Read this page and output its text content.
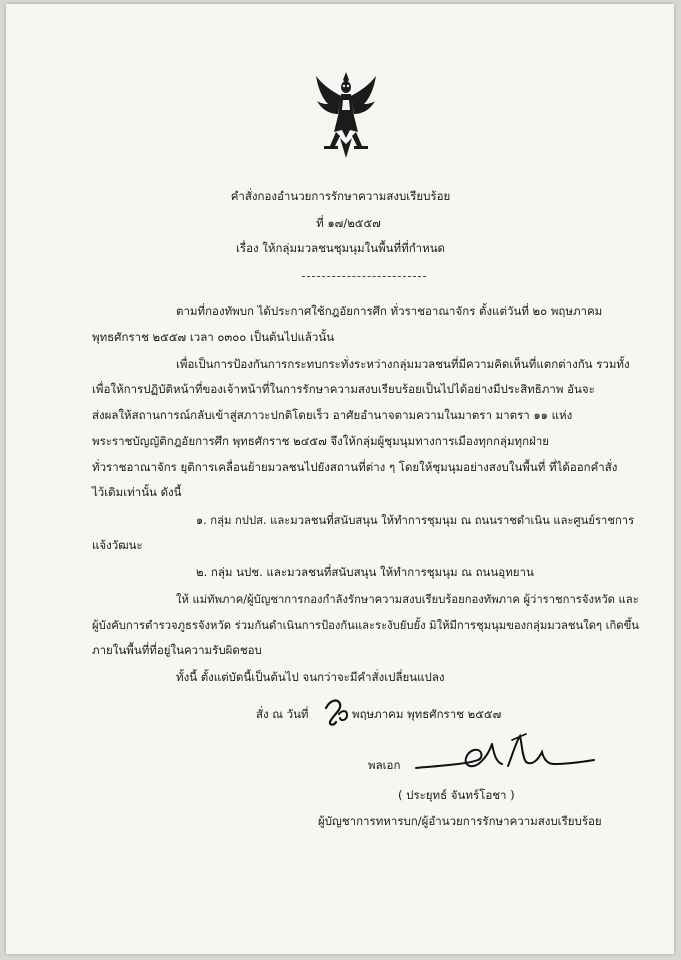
คำสั่งกองอำนวยการรักษาความสงบเรียบร้อย
ที่ ๑๗/๒๕๕๗
เรื่อง ให้กลุ่มมวลชนชุมนุมในพื้นที่ที่กำหนด
ตามที่กองทัพบก ได้ประกาศใช้กฎอัยการศึก ทั่วราชอาณาจักร ตั้งแต่วันที่ ๒๐ พฤษภาคม
พุทธศักราช ๒๕๕๗ เวลา ๐๓๐๐ เป็นต้นไปแล้วนั้น
เพื่อเป็นการป้องกันการกระทบกระทั่งระหว่างกลุ่มมวลชนที่มีความคิดเห็นที่แตกต่างกัน รวมทั้ง
เพื่อให้การปฏิบัติหน้าที่ของเจ้าหน้าที่ในการรักษาความสงบเรียบร้อยเป็นไปได้อย่างมีประสิทธิภาพ อันจะ
ส่งผลให้สถานการณ์กลับเข้าสู่สภาวะปกติโดยเร็ว อาศัยอำนาจตามความในมาตรา มาตรา ๑๑ แห่ง
พระราชบัญญัติกฎอัยการศึก พุทธศักราช ๒๔๕๗ จึงให้กลุ่มผู้ชุมนุมทางการเมืองทุกกลุ่มทุกฝ่าย
ทั่วราชอาณาจักร ยุติการเคลื่อนย้ายมวลชนไปยังสถานที่ต่าง ๆ โดยให้ชุมนุมอย่างสงบในพื้นที่ ที่ได้ออกคำสั่ง
ไว้เดิมเท่านั้น ดังนี้
๑. กลุ่ม กปปส. และมวลชนที่สนับสนุน ให้ทำการชุมนุม ณ ถนนราชดำเนิน และศูนย์ราชการ
แจ้งวัฒนะ
๒. กลุ่ม นปช. และมวลชนที่สนับสนุน ให้ทำการชุมนุม ณ ถนนอุทยาน
ให้ แม่ทัพภาค/ผู้บัญชาการกองกำลังรักษาความสงบเรียบร้อยกองทัพภาค ผู้ว่าราชการจังหวัด และ
ผู้บังคับการตำรวจภูธรจังหวัด ร่วมกันดำเนินการป้องกันและระงับยับยั้ง มิให้มีการชุมนุมของกลุ่มมวลชนใดๆ เกิดขึ้น
ภายในพื้นที่ที่อยู่ในความรับผิดชอบ
ทั้งนี้ ตั้งแต่บัดนี้เป็นต้นไป จนกว่าจะมีคำสั่งเปลี่ยนแปลง
สั่ง ณ วันที่	พฤษภาคม พุทธศักราช ๒๕๕๗
พลเอก
( ประยุทธ์ จันทร์โอชา )
ผู้บัญชาการทหารบก/ผู้อำนวยการรักษาความสงบเรียบร้อย
